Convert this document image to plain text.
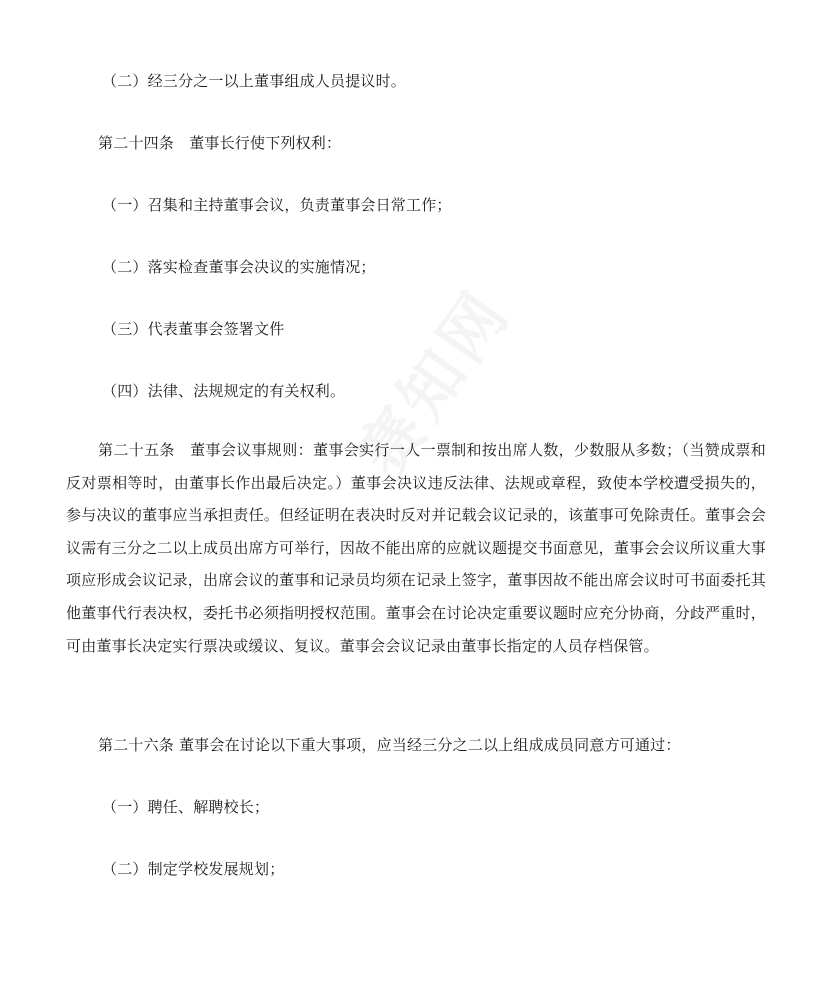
（二）经三分之一以上董事组成人员提议时。
第二十四条　董事长行使下列权利：
（一）召集和主持董事会议，负责董事会日常工作；
（二）落实检查董事会决议的实施情况；
（三）代表董事会签署文件
（四）法律、法规规定的有关权利。
第二十五条　董事会议事规则：董事会实行一人一票制和按出席人数，少数服从多数；（当赞成票和反对票相等时，由董事长作出最后决定。）董事会决议违反法律、法规或章程，致使本学校遭受损失的，参与决议的董事应当承担责任。但经证明在表决时反对并记载会议记录的，该董事可免除责任。董事会会议需有三分之二以上成员出席方可举行，因故不能出席的应就议题提交书面意见，董事会会议所议重大事项应形成会议记录，出席会议的董事和记录员均须在记录上签字，董事因故不能出席会议时可书面委托其他董事代行表决权，委托书必须指明授权范围。董事会在讨论决定重要议题时应充分协商，分歧严重时，可由董事长决定实行票决或缓议、复议。董事会会议记录由董事长指定的人员存档保管。
第二十六条 董事会在讨论以下重大事项，应当经三分之二以上组成成员同意方可通过：
（一）聘任、解聘校长；
（二）制定学校发展规划；
